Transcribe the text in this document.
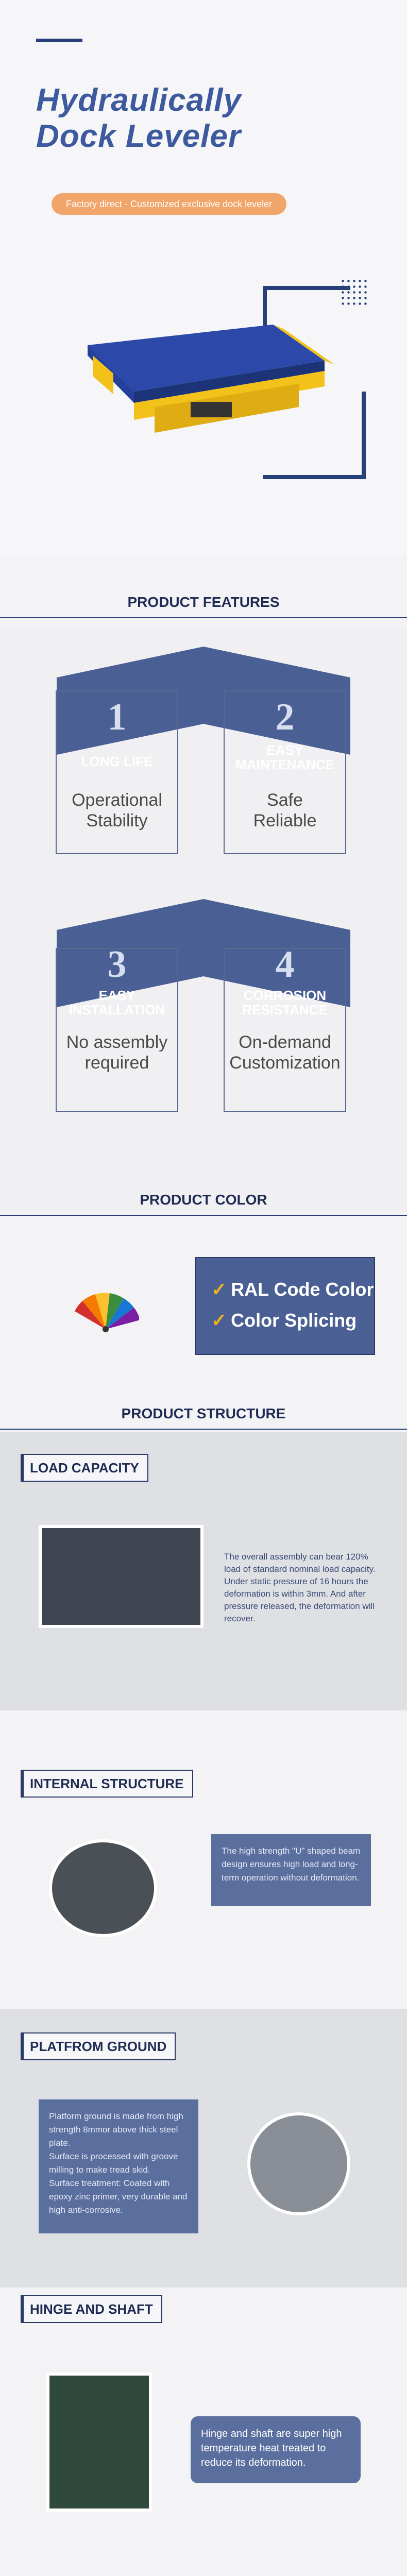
Hydraulically
Dock Leveler
Factory direct - Customized exclusive dock leveler
PRODUCT FEATURES
1
LONG LIFE
Operational
Stability
2
EASY
MAINTENANCE
Safe
Reliable
3
EASY
INSTALLATION
No assembly
required
4
CORROSION
RESISTANCE
On-demand
Customization
PRODUCT COLOR
✓ RAL Code Color
✓ Color Splicing
PRODUCT STRUCTURE
LOAD CAPACITY
The overall assembly can bear 120% load of standard nominal load capacity. Under static pressure of 16 hours the deformation is within 3mm. And after pressure released, the deformation will recover.
INTERNAL STRUCTURE
The high strength "U" shaped beam design ensures high load and long-term operation without deformation.
PLATFROM GROUND
Platform ground is made from high strength 8mmor above thick steel plate.
Surface is processed with groove milling to make tread skid.
Surface treatment: Coated with epoxy zinc primer, very durable and high anti-corrosive.
HINGE AND SHAFT
Hinge and shaft are super high temperature heat treated to reduce its deformation.
